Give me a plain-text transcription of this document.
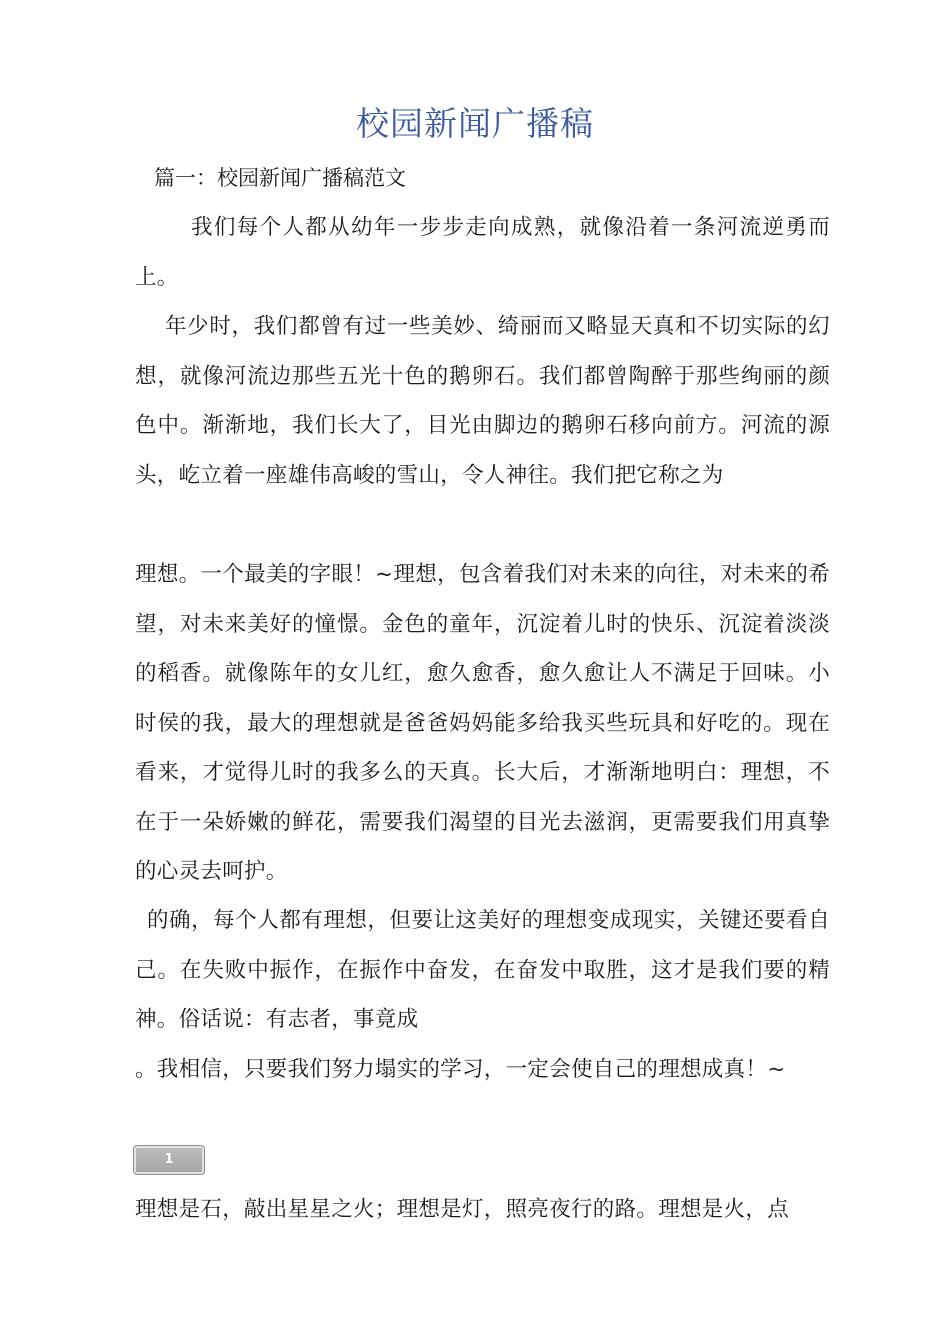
校园新闻广播稿
篇一：校园新闻广播稿范文
我们每个人都从幼年一步步走向成熟，就像沿着一条河流逆勇而上。
年少时，我们都曾有过一些美妙、绮丽而又略显天真和不切实际的幻想，就像河流边那些五光十色的鹅卵石。我们都曾陶醉于那些绚丽的颜色中。渐渐地，我们长大了，目光由脚边的鹅卵石移向前方。河流的源头，屹立着一座雄伟高峻的雪山，令人神往。我们把它称之为
理想。一个最美的字眼！~理想，包含着我们对未来的向往，对未来的希望，对未来美好的憧憬。金色的童年，沉淀着儿时的快乐、沉淀着淡淡的稻香。就像陈年的女儿红，愈久愈香，愈久愈让人不满足于回味。小时侯的我，最大的理想就是爸爸妈妈能多给我买些玩具和好吃的。现在看来，才觉得儿时的我多么的天真。长大后，才渐渐地明白：理想，不在于一朵娇嫩的鲜花，需要我们渴望的目光去滋润，更需要我们用真挚的心灵去呵护。
的确，每个人都有理想，但要让这美好的理想变成现实，关键还要看自己。在失败中振作，在振作中奋发，在奋发中取胜，这才是我们要的精神。俗话说：有志者，事竟成
。我相信，只要我们努力塌实的学习，一定会使自己的理想成真！~
1
理想是石，敲出星星之火；理想是灯，照亮夜行的路。理想是火，点
